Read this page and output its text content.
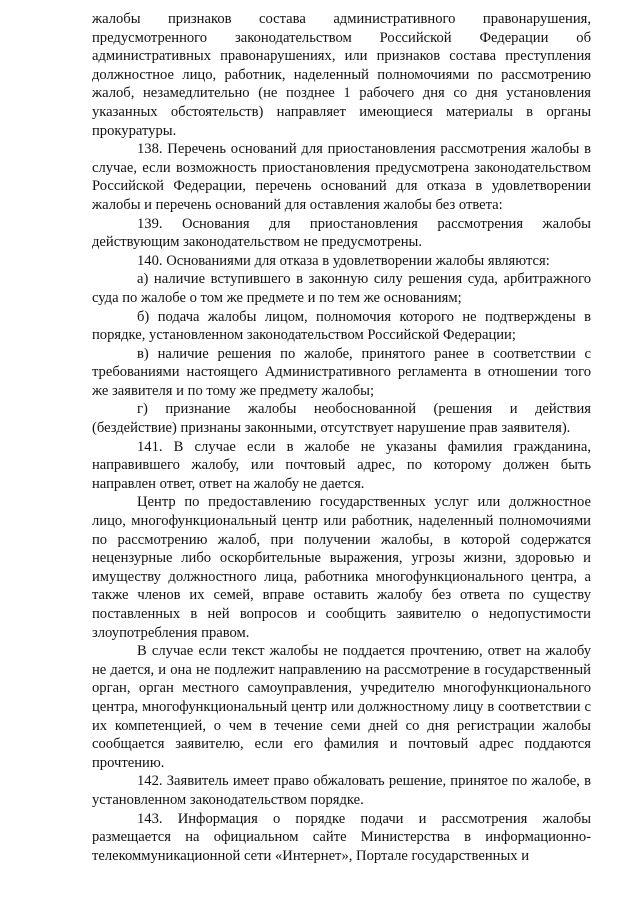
жалобы признаков состава административного правонарушения, предусмотренного законодательством Российской Федерации об административных правонарушениях, или признаков состава преступления должностное лицо, работник, наделенный полномочиями по рассмотрению жалоб, незамедлительно (не позднее 1 рабочего дня со дня установления указанных обстоятельств) направляет имеющиеся материалы в органы прокуратуры.

138. Перечень оснований для приостановления рассмотрения жалобы в случае, если возможность приостановления предусмотрена законодательством Российской Федерации, перечень оснований для отказа в удовлетворении жалобы и перечень оснований для оставления жалобы без ответа:

139. Основания для приостановления рассмотрения жалобы действующим законодательством не предусмотрены.

140. Основаниями для отказа в удовлетворении жалобы являются:

а) наличие вступившего в законную силу решения суда, арбитражного суда по жалобе о том же предмете и по тем же основаниям;

б) подача жалобы лицом, полномочия которого не подтверждены в порядке, установленном законодательством Российской Федерации;

в) наличие решения по жалобе, принятого ранее в соответствии с требованиями настоящего Административного регламента в отношении того же заявителя и по тому же предмету жалобы;

г) признание жалобы необоснованной (решения и действия (бездействие) признаны законными, отсутствует нарушение прав заявителя).

141. В случае если в жалобе не указаны фамилия гражданина, направившего жалобу, или почтовый адрес, по которому должен быть направлен ответ, ответ на жалобу не дается.

Центр по предоставлению государственных услуг или должностное лицо, многофункциональный центр или работник, наделенный полномочиями по рассмотрению жалоб, при получении жалобы, в которой содержатся нецензурные либо оскорбительные выражения, угрозы жизни, здоровью и имуществу должностного лица, работника многофункционального центра, а также членов их семей, вправе оставить жалобу без ответа по существу поставленных в ней вопросов и сообщить заявителю о недопустимости злоупотребления правом.

В случае если текст жалобы не поддается прочтению, ответ на жалобу не дается, и она не подлежит направлению на рассмотрение в государственный орган, орган местного самоуправления, учредителю многофункционального центра, многофункциональный центр или должностному лицу в соответствии с их компетенцией, о чем в течение семи дней со дня регистрации жалобы сообщается заявителю, если его фамилия и почтовый адрес поддаются прочтению.

142. Заявитель имеет право обжаловать решение, принятое по жалобе, в установленном законодательством порядке.

143. Информация о порядке подачи и рассмотрения жалобы размещается на официальном сайте Министерства в информационно-телекоммуникационной сети «Интернет», Портале государственных и
